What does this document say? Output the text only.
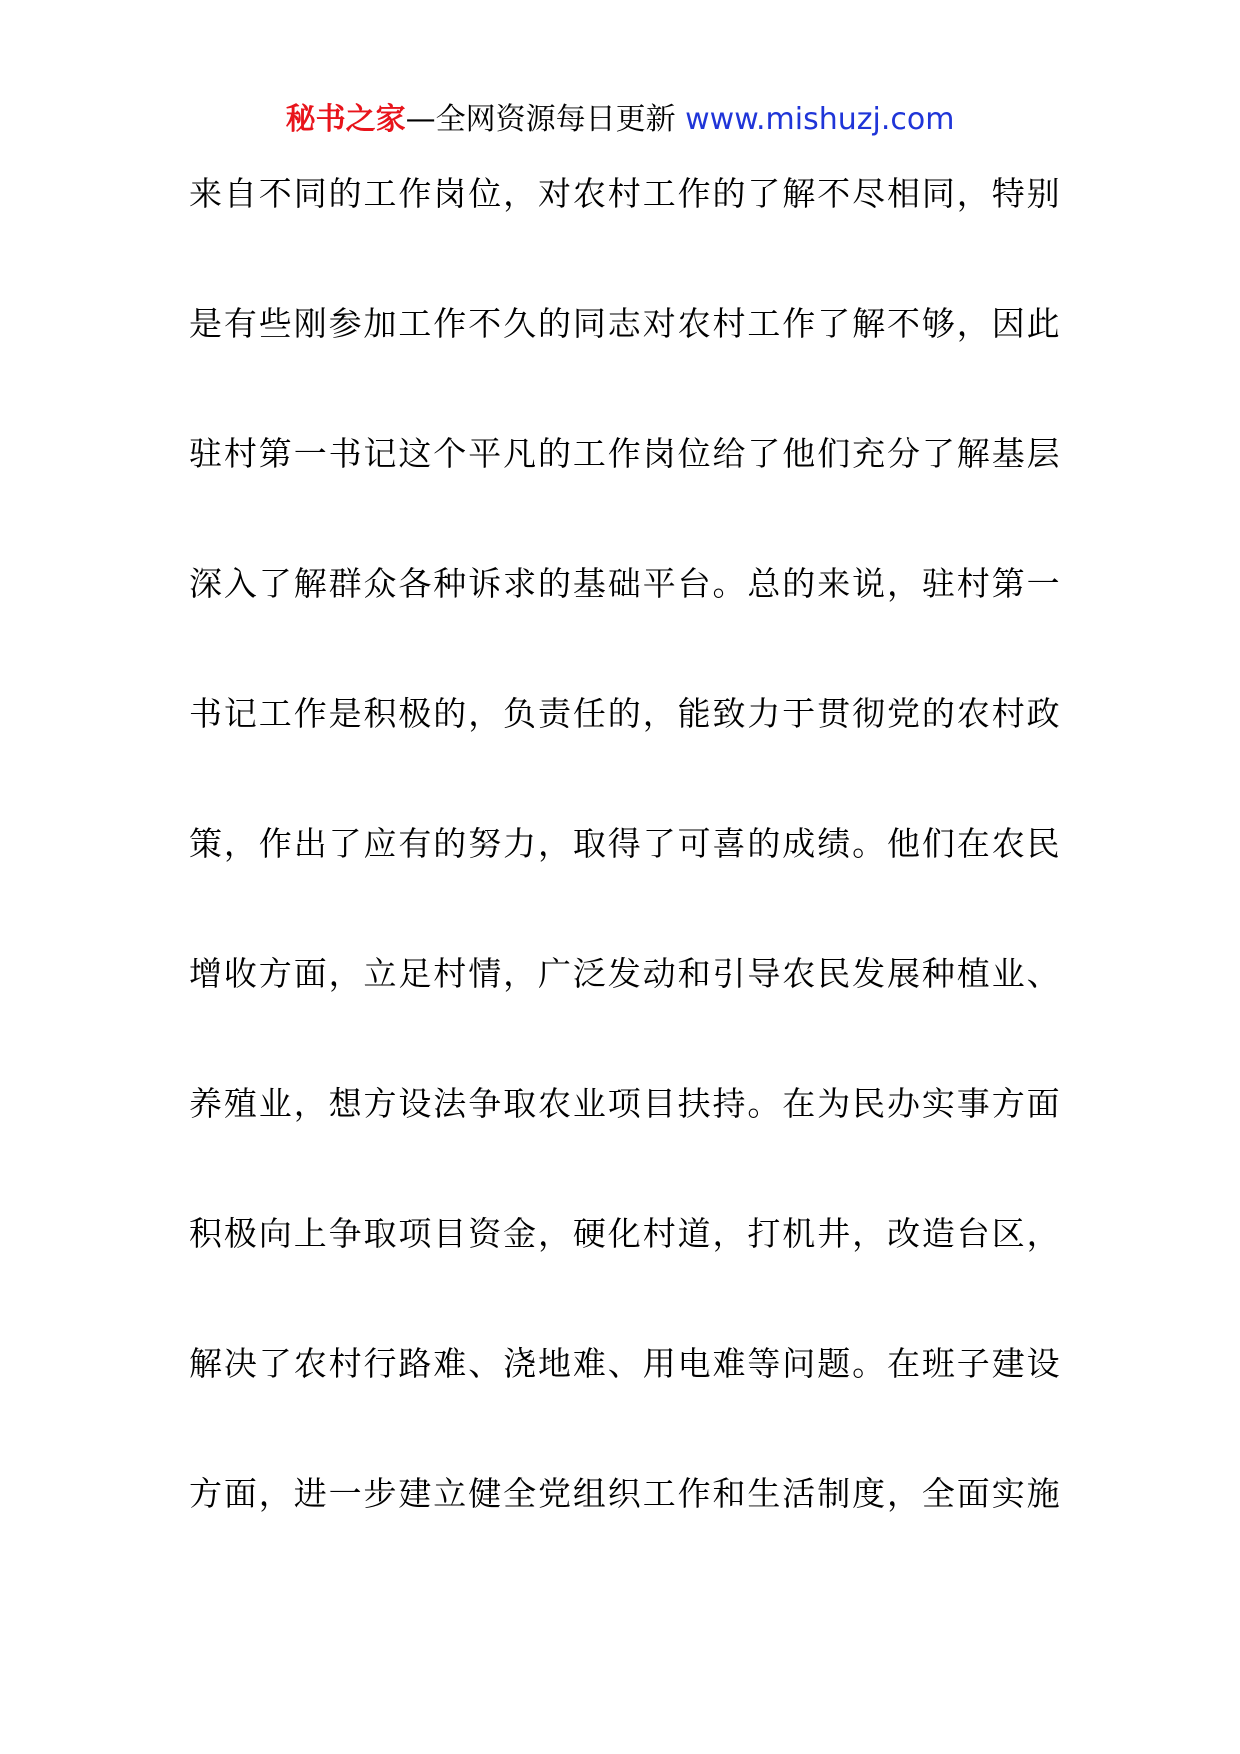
秘书之家—全网资源每日更新 www.mishuzj.com
来自不同的工作岗位，对农村工作的了解不尽相同，特别
是有些刚参加工作不久的同志对农村工作了解不够，因此
驻村第一书记这个平凡的工作岗位给了他们充分了解基层
深入了解群众各种诉求的基础平台。总的来说，驻村第一
书记工作是积极的，负责任的，能致力于贯彻党的农村政
策，作出了应有的努力，取得了可喜的成绩。他们在农民
增收方面，立足村情，广泛发动和引导农民发展种植业、
养殖业，想方设法争取农业项目扶持。在为民办实事方面
积极向上争取项目资金，硬化村道，打机井，改造台区，
解决了农村行路难、浇地难、用电难等问题。在班子建设
方面，进一步建立健全党组织工作和生活制度，全面实施
